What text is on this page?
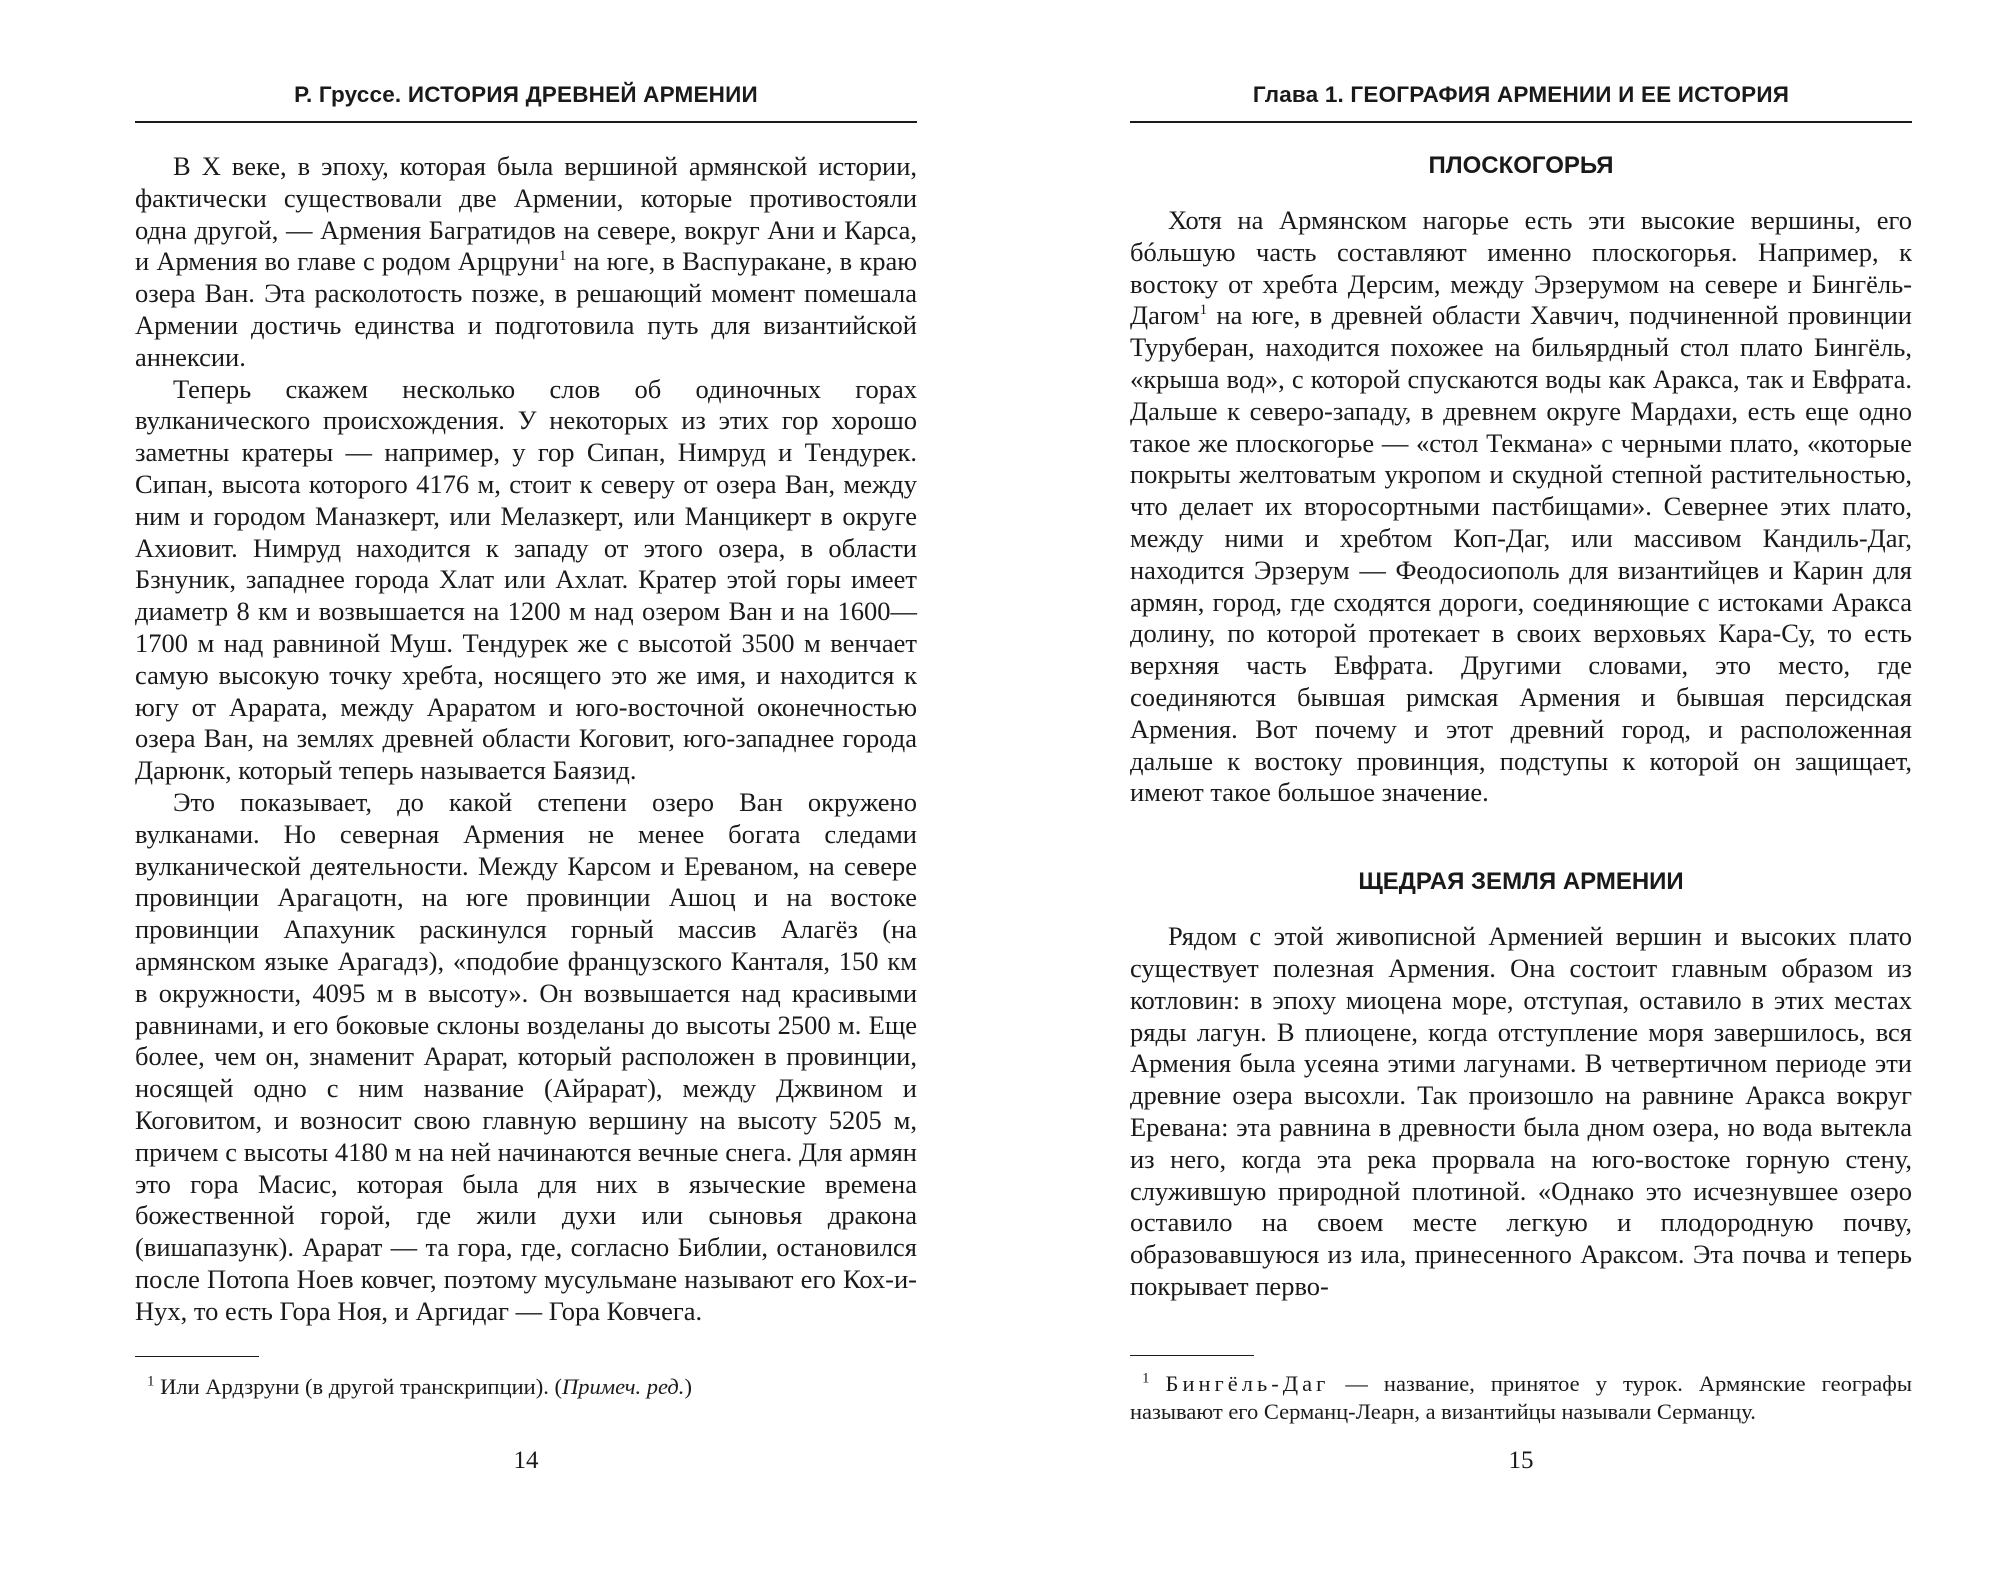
Р. Груссе. ИСТОРИЯ ДРЕВНЕЙ АРМЕНИИ

В X веке, в эпоху, которая была вершиной армянской истории, фактически существовали две Армении, которые противостояли одна другой, — Армения Багратидов на севере, вокруг Ани и Карса, и Армения во главе с родом Арцруни$^1$ на юге, в Васпуракане, в краю озера Ван. Эта расколотость позже, в решающий момент помешала Армении достичь единства и подготовила путь для византийской аннексии.

Теперь скажем несколько слов об одиночных горах вулканического происхождения. У некоторых из этих гор хорошо заметны кратеры — например, у гор Сипан, Нимруд и Тендурек. Сипан, высота которого 4176 м, стоит к северу от озера Ван, между ним и городом Маназкерт, или Мелазкерт, или Манцикерт в округе Ахиовит. Нимруд находится к западу от этого озера, в области Бзнуник, западнее города Хлат или Ахлат. Кратер этой горы имеет диаметр 8 км и возвышается на 1200 м над озером Ван и на 1600—1700 м над равниной Муш. Тендурек же с высотой 3500 м венчает самую высокую точку хребта, носящего это же имя, и находится к югу от Арарата, между Араратом и юго-восточной оконечностью озера Ван, на землях древней области Коговит, юго-западнее города Дарюнк, который теперь называется Баязид.

Это показывает, до какой степени озеро Ван окружено вулканами. Но северная Армения не менее богата следами вулканической деятельности. Между Карсом и Ереваном, на севере провинции Арагацотн, на юге провинции Ашоц и на востоке провинции Апахуник раскинулся горный массив Алагёз (на армянском языке Арагадз), «подобие французского Канталя, 150 км в окружности, 4095 м в высоту». Он возвышается над красивыми равнинами, и его боковые склоны возделаны до высоты 2500 м. Еще более, чем он, знаменит Арарат, который расположен в провинции, носящей одно с ним название (Айрарат), между Джвином и Коговитом, и возносит свою главную вершину на высоту 5205 м, причем с высоты 4180 м на ней начинаются вечные снега. Для армян это гора Масис, которая была для них в языческие времена божественной горой, где жили духи или сыновья дракона (вишапазунк). Арарат — та гора, где, согласно Библии, остановился после Потопа Ноев ковчег, поэтому мусульмане называют его Кох-и-Нух, то есть Гора Ноя, и Аргидаг — Гора Ковчега.

$^1$ Или Ардзруни (в другой транскрипции). (Примеч. ред.)

14
Глава 1. ГЕОГРАФИЯ АРМЕНИИ И ЕЕ ИСТОРИЯ
ПЛОСКОГОРЬЯ

Хотя на Армянском нагорье есть эти высокие вершины, его бóльшую часть составляют именно плоскогорья. Например, к востоку от хребта Дерсим, между Эрзерумом на севере и Бингёль-Дагом$^1$ на юге, в древней области Хавчич, подчиненной провинции Туруберан, находится похожее на бильярдный стол плато Бингёль, «крыша вод», с которой спускаются воды как Аракса, так и Евфрата. Дальше к северо-западу, в древнем округе Мардахи, есть еще одно такое же плоскогорье — «стол Текмана» с черными плато, «которые покрыты желтоватым укропом и скудной степной растительностью, что делает их второсортными пастбищами». Севернее этих плато, между ними и хребтом Коп-Даг, или массивом Кандиль-Даг, находится Эрзерум — Феодосиополь для византийцев и Карин для армян, город, где сходятся дороги, соединяющие с истоками Аракса долину, по которой протекает в своих верховьях Кара-Су, то есть верхняя часть Евфрата. Другими словами, это место, где соединяются бывшая римская Армения и бывшая персидская Армения. Вот почему и этот древний город, и расположенная дальше к востоку провинция, подступы к которой он защищает, имеют такое большое значение.

ЩЕДРАЯ ЗЕМЛЯ АРМЕНИИ

Рядом с этой живописной Арменией вершин и высоких плато существует полезная Армения. Она состоит главным образом из котловин: в эпоху миоцена море, отступая, оставило в этих местах ряды лагун. В плиоцене, когда отступление моря завершилось, вся Армения была усеяна этими лагунами. В четвертичном периоде эти древние озера высохли. Так произошло на равнине Аракса вокруг Еревана: эта равнина в древности была дном озера, но вода вытекла из него, когда эта река прорвала на юго-востоке горную стену, служившую природной плотиной. «Однако это исчезнувшее озеро оставило на своем месте легкую и плодородную почву, образовавшуюся из ила, принесенного Араксом. Эта почва и теперь покрывает перво-

$^1$ Бингёль-Даг — название, принятое у турок. Армянские географы называют его Серманц-Леарн, а византийцы называли Серманцу.

15
